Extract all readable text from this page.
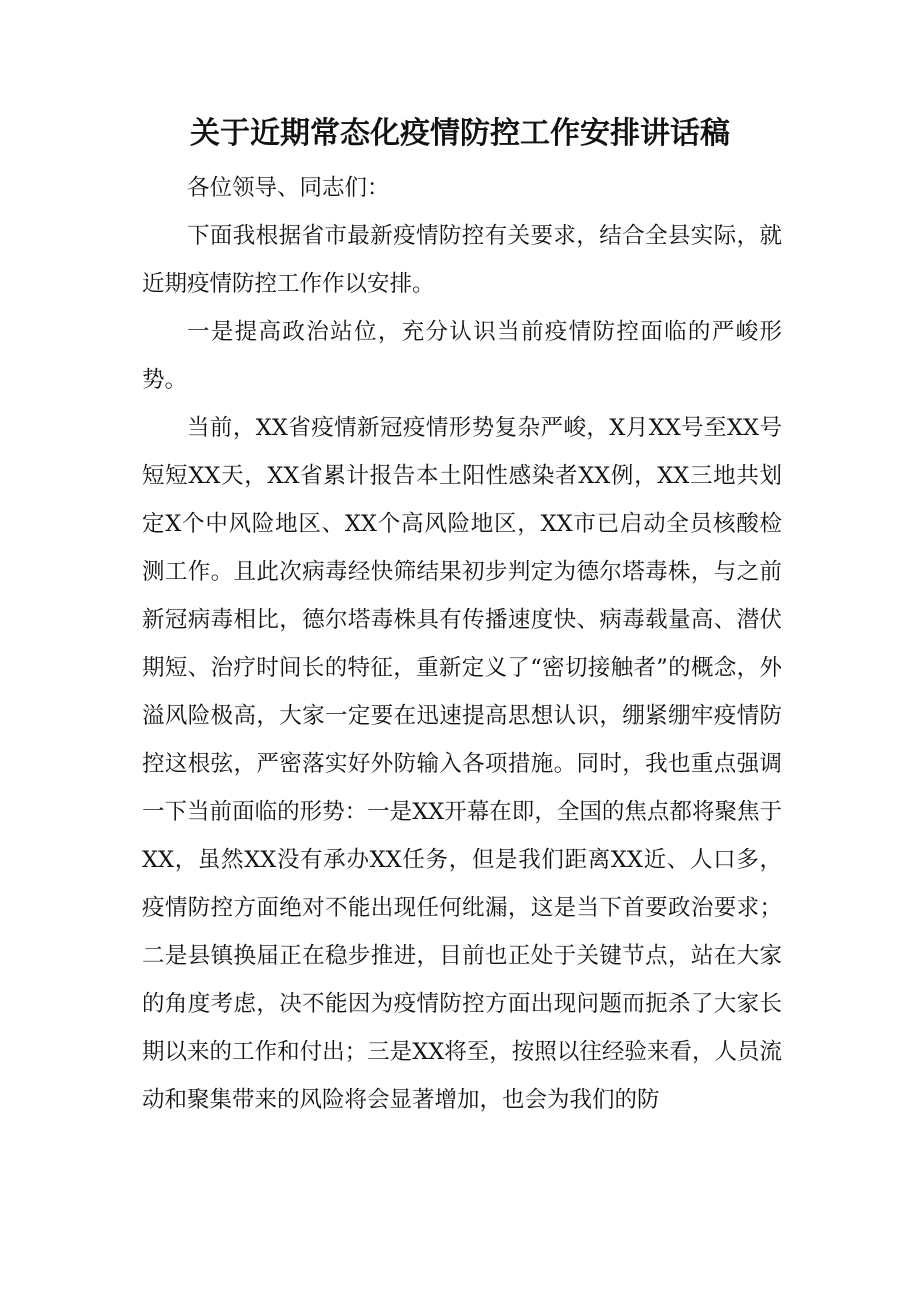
关于近期常态化疫情防控工作安排讲话稿

各位领导、同志们：

下面我根据省市最新疫情防控有关要求，结合全县实际，就近期疫情防控工作作以安排。

一是提高政治站位，充分认识当前疫情防控面临的严峻形势。

当前，XX省疫情新冠疫情形势复杂严峻，X月XX号至XX号短短XX天，XX省累计报告本土阳性感染者XX例，XX三地共划定X个中风险地区、XX个高风险地区，XX市已启动全员核酸检测工作。且此次病毒经快筛结果初步判定为德尔塔毒株，与之前新冠病毒相比，德尔塔毒株具有传播速度快、病毒载量高、潜伏期短、治疗时间长的特征，重新定义了“密切接触者”的概念，外溢风险极高，大家一定要在迅速提高思想认识，绷紧绷牢疫情防控这根弦，严密落实好外防输入各项措施。同时，我也重点强调一下当前面临的形势：一是XX开幕在即，全国的焦点都将聚焦于XX，虽然XX没有承办XX任务，但是我们距离XX近、人口多，疫情防控方面绝对不能出现任何纰漏，这是当下首要政治要求；二是县镇换届正在稳步推进，目前也正处于关键节点，站在大家的角度考虑，决不能因为疫情防控方面出现问题而扼杀了大家长期以来的工作和付出；三是XX将至，按照以往经验来看，人员流动和聚集带来的风险将会显著增加，也会为我们的防
